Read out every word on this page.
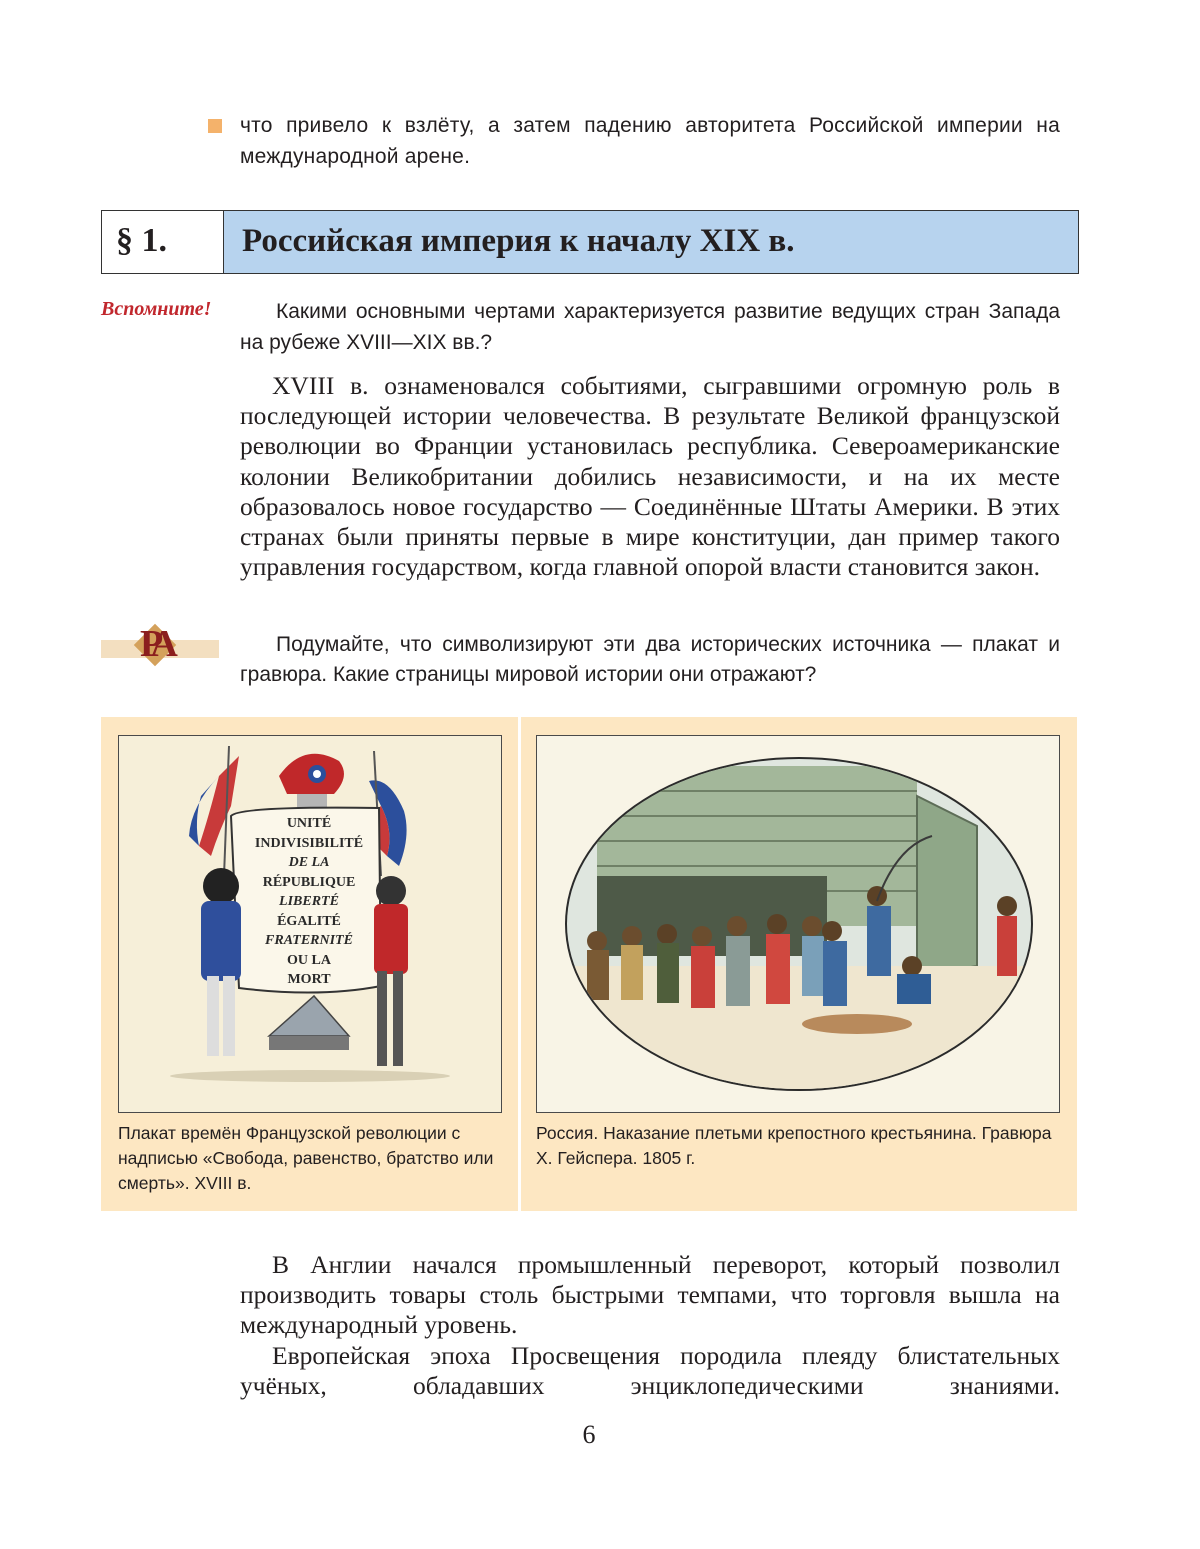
что привело к взлёту, а затем падению авторитета Российской империи на международной арене.
§ 1. Российская империя к началу XIX в.
Вспомните!	Какими основными чертами характеризуется развитие ведущих стран Запада на рубеже XVIII—XIX вв.?
XVIII в. ознаменовался событиями, сыгравшими огромную роль в последующей истории человечества. В результате Великой французской революции во Франции установилась республика. Североамериканские колонии Великобритании добились независимости, и на их месте образовалось новое государство — Соединённые Штаты Америки. В этих странах были приняты первые в мире конституции, дан пример такого управления государством, когда главной опорой власти становится закон.
РА	Подумайте, что символизируют эти два исторических источника — плакат и гравюра. Какие страницы мировой истории они отражают?
UNITÉ
INDIVISIBILITÉ
DE LA
RÉPUBLIQUE
LIBERTÉ
ÉGALITÉ
FRATERNITÉ
OU LA
MORT
Плакат времён Французской революции с надписью «Свобода, равенство, братство или смерть». XVIII в.
Россия. Наказание плетьми крепостного крестьянина. Гравюра Х. Гейспера. 1805 г.
В Англии начался промышленный переворот, который позволил производить товары столь быстрыми темпами, что торговля вышла на международный уровень.
Европейская эпоха Просвещения породила плеяду блистательных учёных, обладавших энциклопедическими знаниями.
6
